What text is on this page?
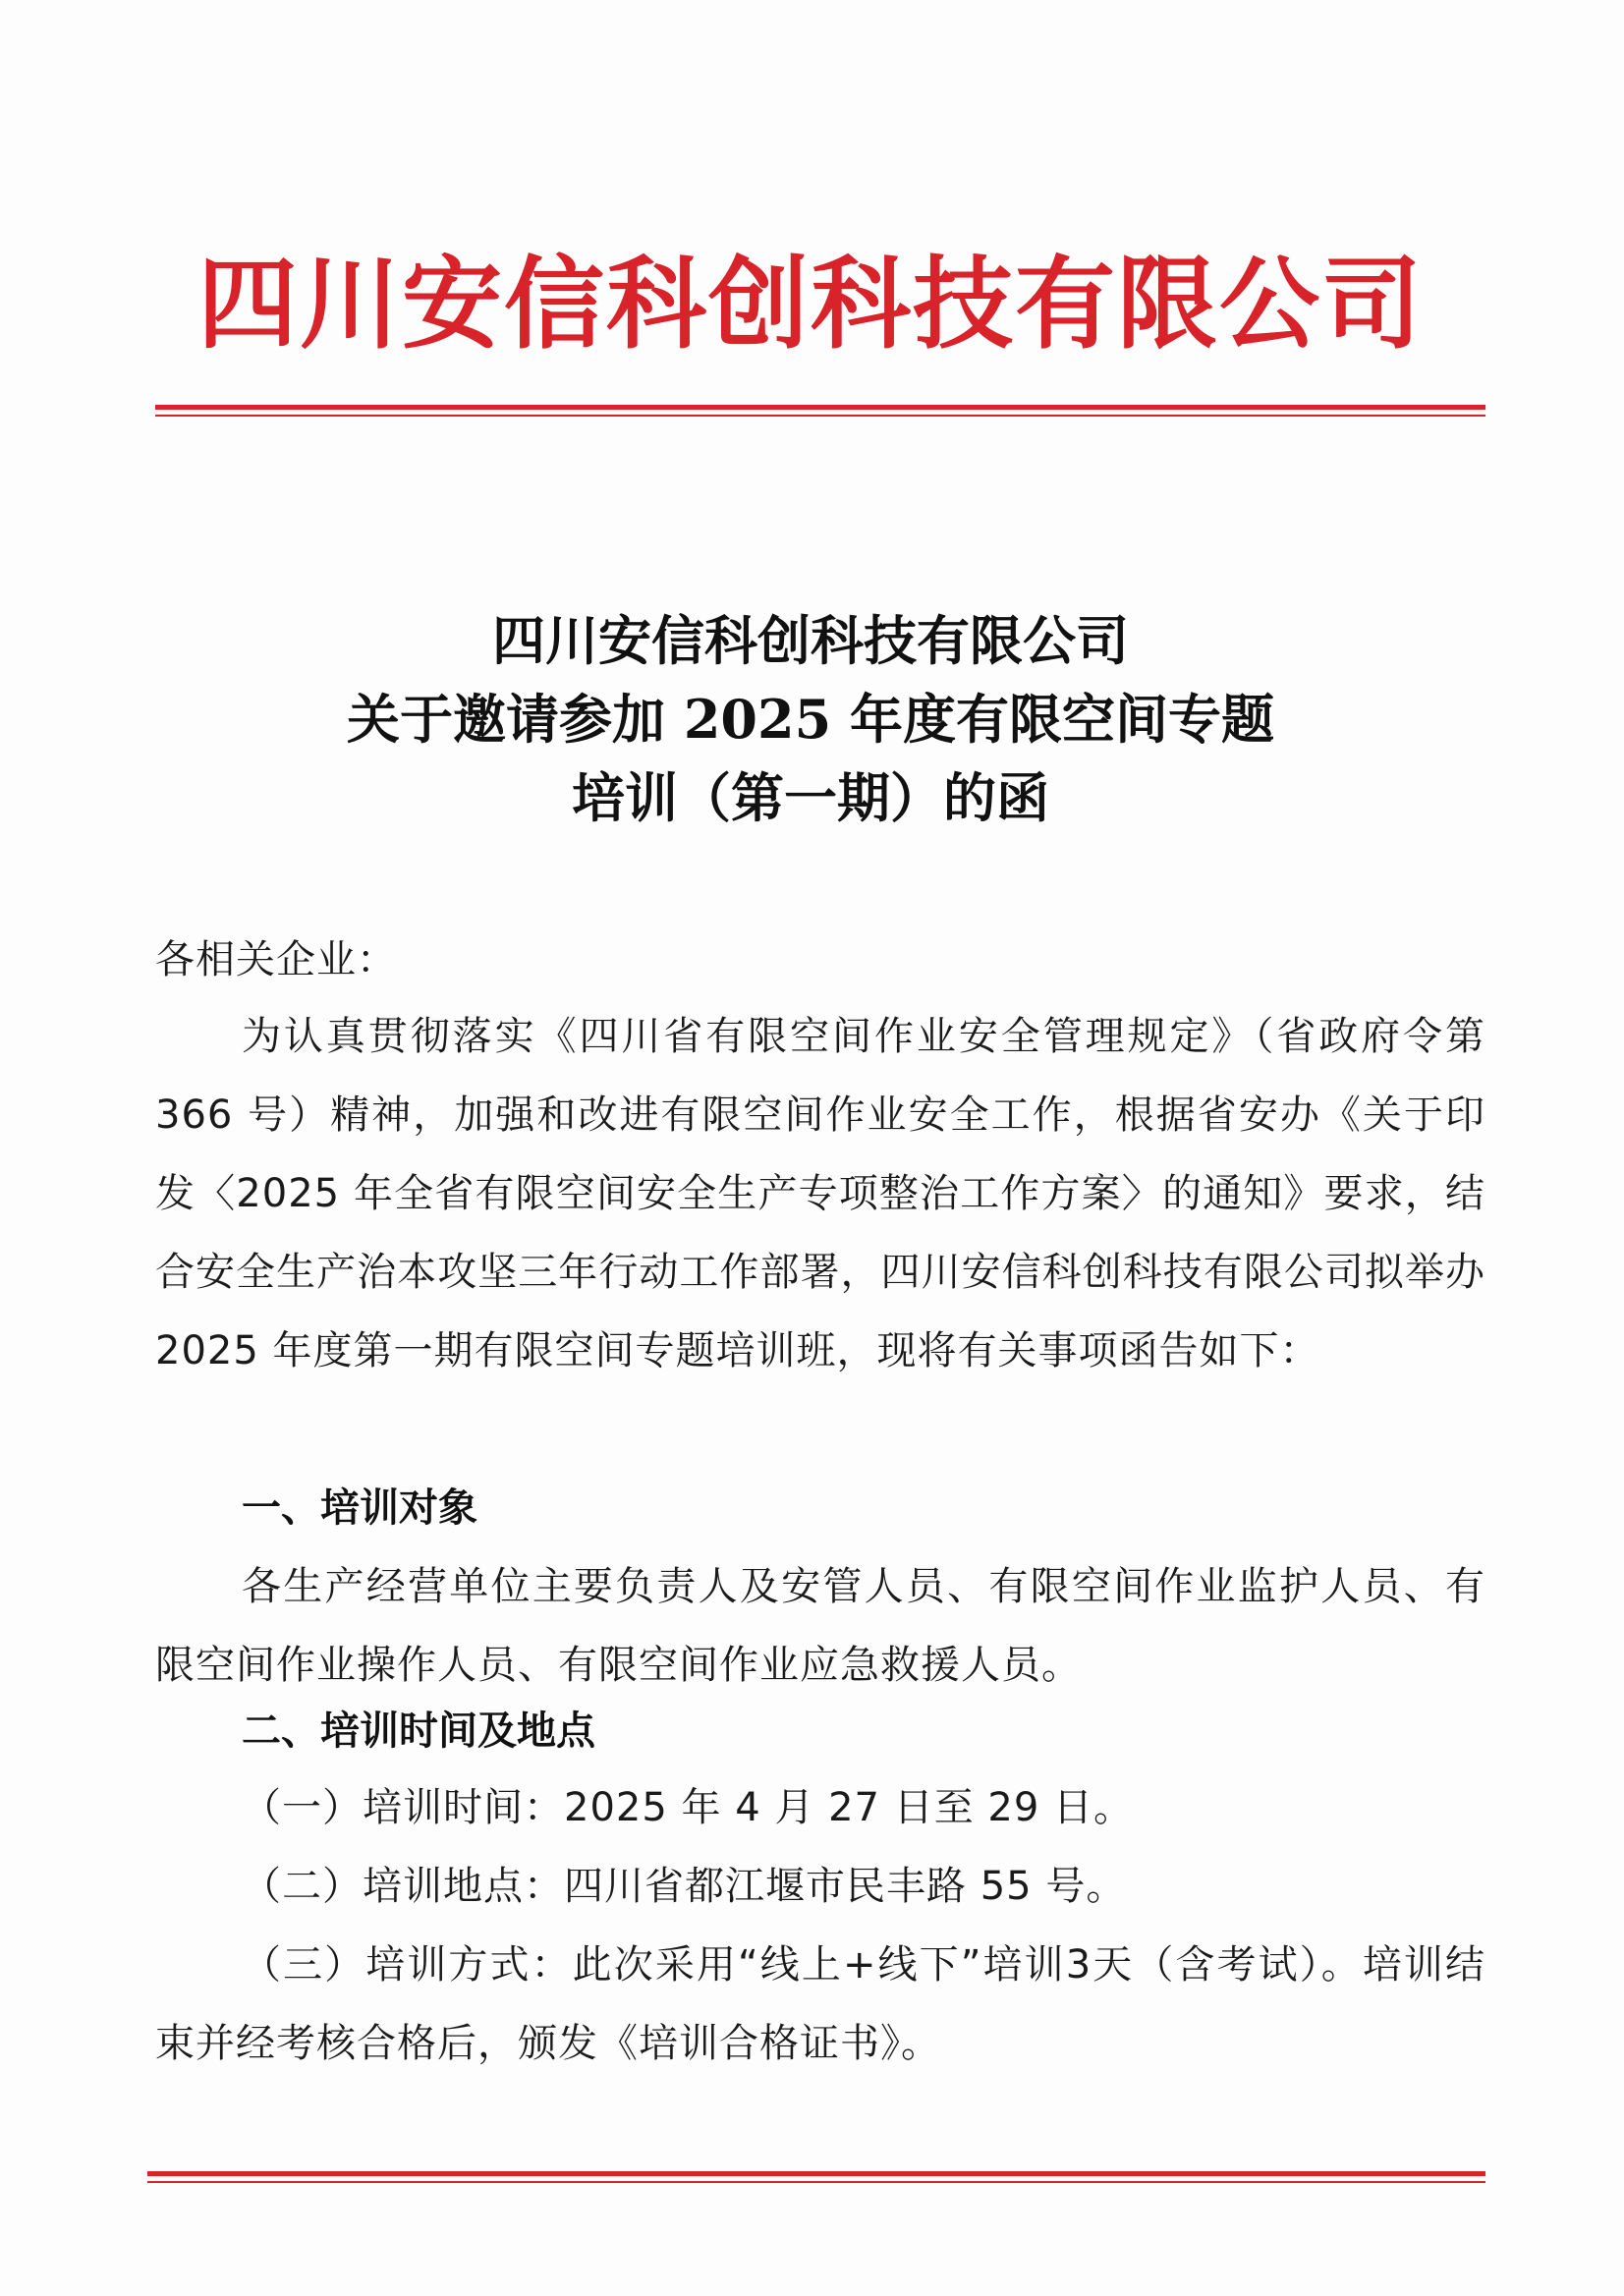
四川安信科创科技有限公司
四川安信科创科技有限公司
关于邀请参加 2025 年度有限空间专题
培训（第一期）的函
各相关企业：
为认真贯彻落实《四川省有限空间作业安全管理规定》（省政府令第 366 号）精神，加强和改进有限空间作业安全工作，根据省安办《关于印发〈2025 年全省有限空间安全生产专项整治工作方案〉的通知》要求，结合安全生产治本攻坚三年行动工作部署，四川安信科创科技有限公司拟举办 2025 年度第一期有限空间专题培训班，现将有关事项函告如下：
一、培训对象
各生产经营单位主要负责人及安管人员、有限空间作业监护人员、有限空间作业操作人员、有限空间作业应急救援人员。
二、培训时间及地点
（一）培训时间：2025 年 4 月 27 日至 29 日。
（二）培训地点：四川省都江堰市民丰路 55 号。
（三）培训方式：此次采用“线上+线下”培训3天（含考试）。培训结束并经考核合格后，颁发《培训合格证书》。
